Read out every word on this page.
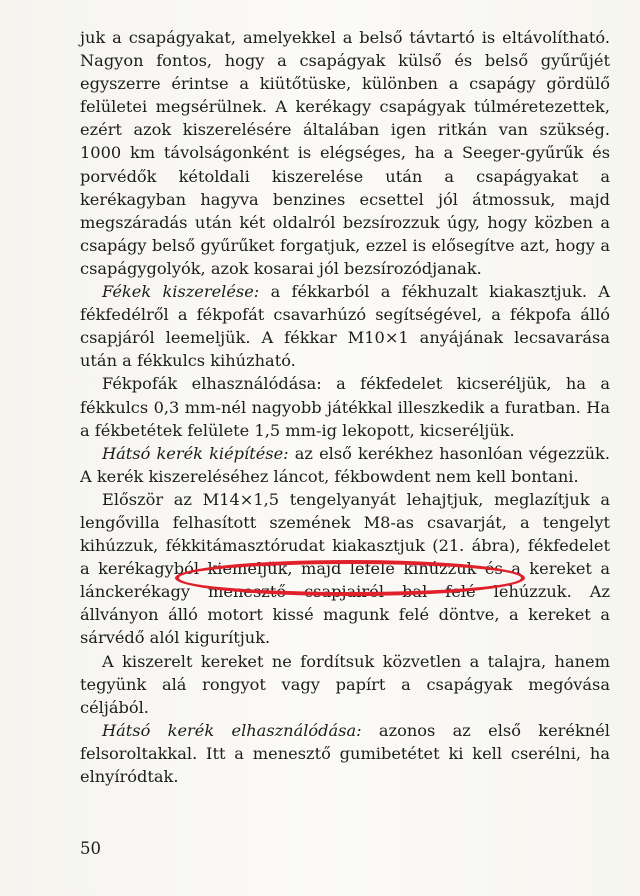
juk a csapágyakat, amelyekkel a belső távtartó is eltávolítható. Nagyon fontos, hogy a csapágyak külső és belső gyűrűjét egyszerre érintse a kiütőtüske, különben a csapágy gördülő felületei megsérülnek. A kerékagy csapágyak túlméretezettek, ezért azok kiszerelésére általában igen ritkán van szükség. 1000 km távolságonként is elégséges, ha a Seeger-gyűrűk és porvédők kétoldali kiszerelése után a csapágyakat a kerékagyban hagyva benzines ecsettel jól átmossuk, majd megszáradás után két oldalról bezsírozzuk úgy, hogy közben a csapágy belső gyűrűket forgatjuk, ezzel is elősegítve azt, hogy a csapágygolyók, azok kosarai jól bezsírozódjanak.

Fékek kiszerelése: a fékkarból a fékhuzalt kiakasztjuk. A fékfedélről a fékpofát csavarhúzó segítségével, a fékpofa álló csapjáról leemeljük. A fékkar M10×1 anyájának lecsavarása után a fékkulcs kihúzható.

Fékpofák elhasználódása: a fékfedelet kicseréljük, ha a fékkulcs 0,3 mm-nél nagyobb játékkal illeszkedik a furatban. Ha a fékbetétek felülete 1,5 mm-ig lekopott, kicseréljük.

Hátsó kerék kiépítése: az első kerékhez hasonlóan végezzük. A kerék kiszereléséhez láncot, fékbowdent nem kell bontani.

Először az M14×1,5 tengelyanyát lehajtjuk, meglazítjuk a lengővilla felhasított szemének M8-as csavarját, a tengelyt kihúzzuk, fékkitámasztórudat kiakasztjuk (21. ábra), fékfedelet a kerékagyból kiemeljük, majd lefelé kihúzzuk és a kereket a lánckerékagy menesztő csapjairól bal felé lehúzzuk. Az állványon álló motort kissé magunk felé döntve, a kereket a sárvédő alól kigurítjuk.

A kiszerelt kereket ne fordítsuk közvetlen a talajra, hanem tegyünk alá rongyot vagy papírt a csapágyak megóvása céljából.

Hátsó kerék elhasználódása: azonos az első keréknél felsoroltakkal. Itt a menesztő gumibetétet ki kell cserélni, ha elnyíródtak.

50
